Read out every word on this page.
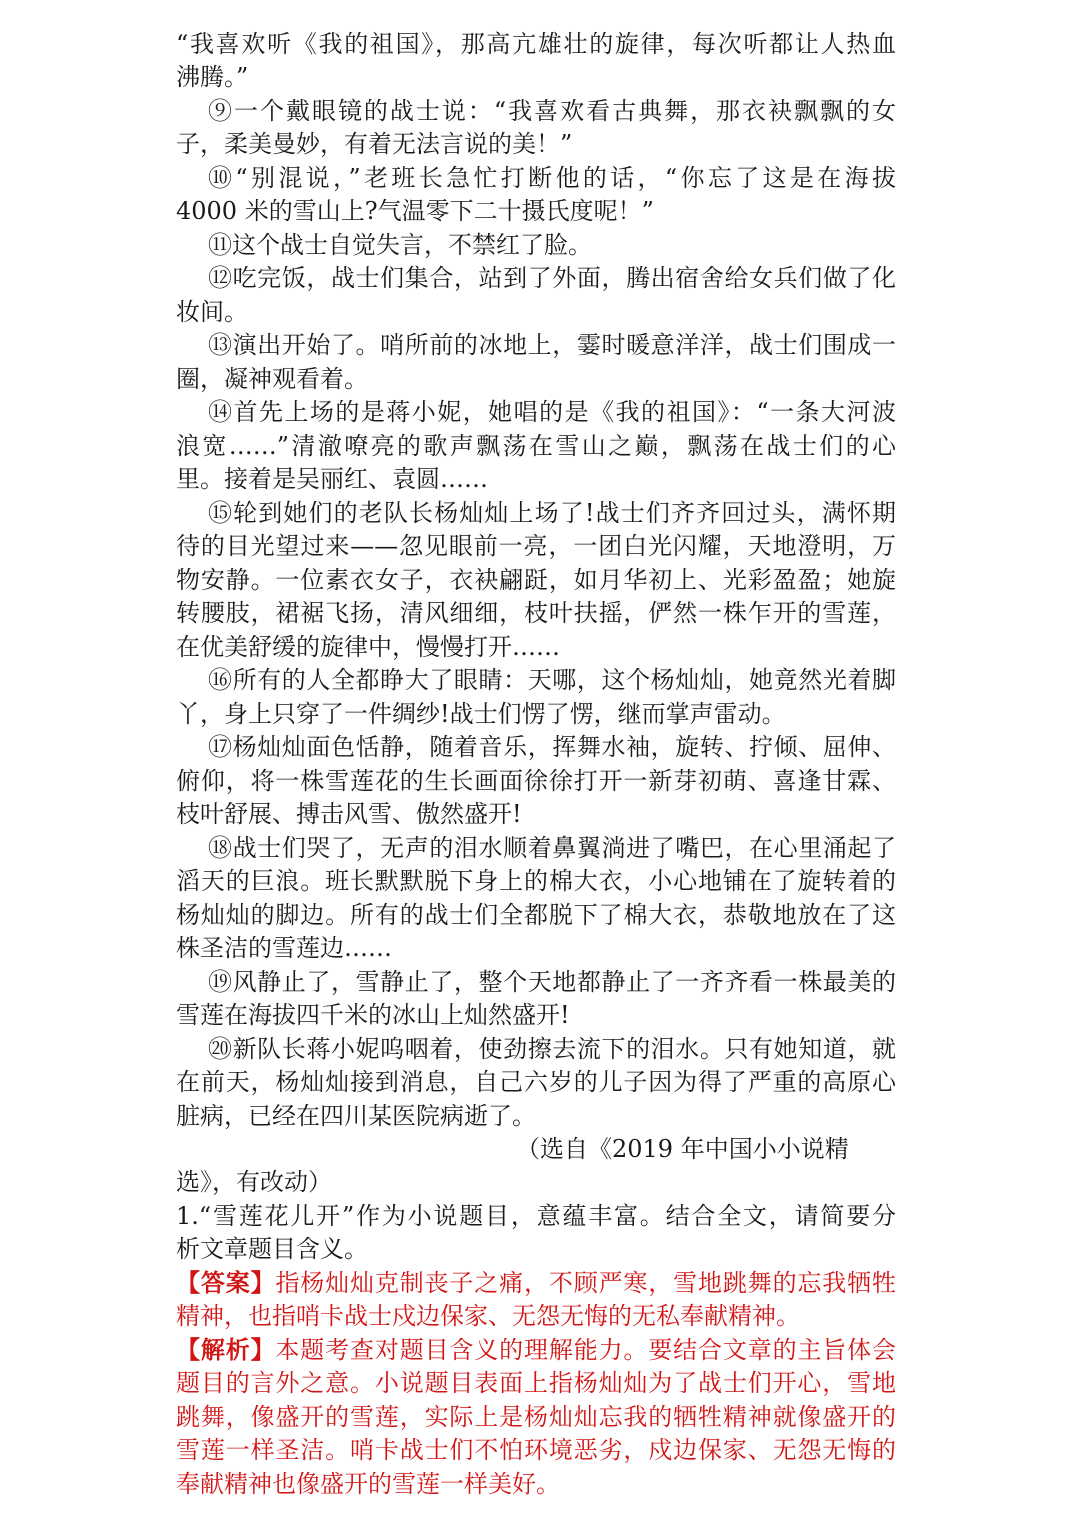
“我喜欢听《我的祖国》，那高亢雄壮的旋律，每次听都让人热血
沸腾。”
⑨一个戴眼镜的战士说：“我喜欢看古典舞，那衣袂飘飘的女
子，柔美曼妙，有着无法言说的美！”
⑩“别混说，”老班长急忙打断他的话，“你忘了这是在海拔
4000 米的雪山上?气温零下二十摄氏度呢！”
⑪这个战士自觉失言，不禁红了脸。
⑫吃完饭，战士们集合，站到了外面，腾出宿舍给女兵们做了化
妆间。
⑬演出开始了。哨所前的冰地上，霎时暖意洋洋，战士们围成一
圈，凝神观看着。
⑭首先上场的是蒋小妮，她唱的是《我的祖国》：“一条大河波
浪宽……”清澈嘹亮的歌声飘荡在雪山之巅，飘荡在战士们的心
里。接着是吴丽红、袁圆……
⑮轮到她们的老队长杨灿灿上场了!战士们齐齐回过头，满怀期
待的目光望过来——忽见眼前一亮，一团白光闪耀，天地澄明，万
物安静。一位素衣女子，衣袂翩跹，如月华初上、光彩盈盈；她旋
转腰肢，裙裾飞扬，清风细细，枝叶扶摇，俨然一株乍开的雪莲，
在优美舒缓的旋律中，慢慢打开……
⑯所有的人全都睁大了眼睛：天哪，这个杨灿灿，她竟然光着脚
丫，身上只穿了一件绸纱!战士们愣了愣，继而掌声雷动。
⑰杨灿灿面色恬静，随着音乐，挥舞水袖，旋转、拧倾、屈伸、
俯仰，将一株雪莲花的生长画面徐徐打开一新芽初萌、喜逢甘霖、
枝叶舒展、搏击风雪、傲然盛开!
⑱战士们哭了，无声的泪水顺着鼻翼淌进了嘴巴，在心里涌起了
滔天的巨浪。班长默默脱下身上的棉大衣，小心地铺在了旋转着的
杨灿灿的脚边。所有的战士们全都脱下了棉大衣，恭敬地放在了这
株圣洁的雪莲边……
⑲风静止了，雪静止了，整个天地都静止了一齐齐看一株最美的
雪莲在海拔四千米的冰山上灿然盛开!
⑳新队长蒋小妮呜咽着，使劲擦去流下的泪水。只有她知道，就
在前天，杨灿灿接到消息，自己六岁的儿子因为得了严重的高原心
脏病，已经在四川某医院病逝了。
（选自《2019 年中国小小说精
选》，有改动）
1.“雪莲花儿开”作为小说题目，意蕴丰富。结合全文，请简要分
析文章题目含义。
【答案】指杨灿灿克制丧子之痛，不顾严寒，雪地跳舞的忘我牺牲
精神，也指哨卡战士戍边保家、无怨无悔的无私奉献精神。
【解析】本题考查对题目含义的理解能力。要结合文章的主旨体会
题目的言外之意。小说题目表面上指杨灿灿为了战士们开心，雪地
跳舞，像盛开的雪莲，实际上是杨灿灿忘我的牺牲精神就像盛开的
雪莲一样圣洁。哨卡战士们不怕环境恶劣，戍边保家、无怨无悔的
奉献精神也像盛开的雪莲一样美好。
